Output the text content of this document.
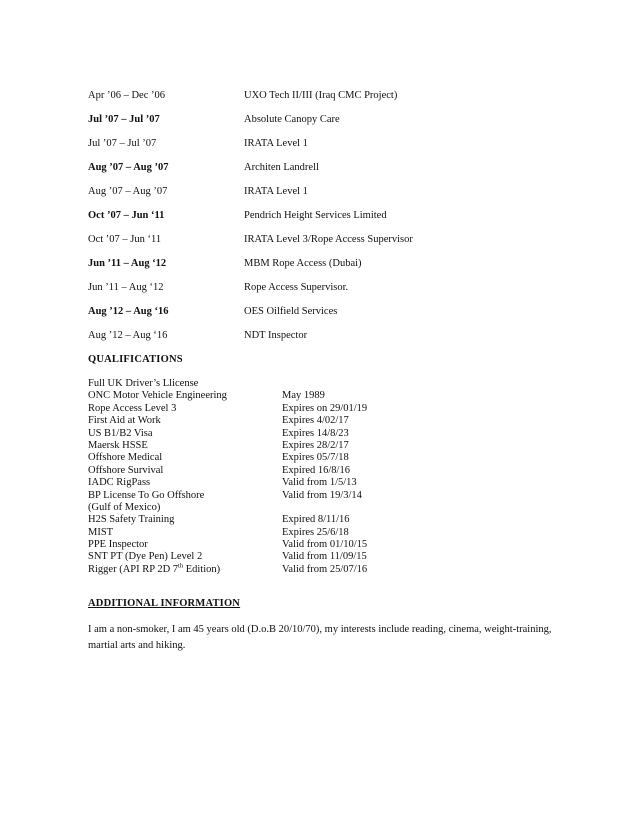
Apr ’06 – Dec ’06	UXO Tech II/III (Iraq CMC Project)
Jul ’07 – Jul ’07	Absolute Canopy Care
Jul ’07 – Jul ’07	IRATA Level 1
Aug ’07 – Aug ’07	Architen Landrell
Aug ’07 – Aug ’07	IRATA Level 1
Oct ’07 – Jun ‘11	Pendrich Height Services Limited
Oct ’07 – Jun ‘11	IRATA Level 3/Rope Access Supervisor
Jun ’11 – Aug ‘12	MBM Rope Access (Dubai)
Jun ’11 – Aug ‘12	Rope Access Supervisor.
Aug ’12 – Aug ‘16	OES Oilfield Services
Aug ’12 – Aug ‘16	NDT Inspector
QUALIFICATIONS
Full UK Driver’s Llicense
ONC Motor Vehicle Engineering	May 1989
Rope Access Level 3	Expires on 29/01/19
First Aid at Work	Expires 4/02/17
US B1/B2 Visa	Expires 14/8/23
Maersk HSSE	Expires 28/2/17
Offshore Medical	Expires 05/7/18
Offshore Survival	Expired 16/8/16
IADC RigPass	Valid from 1/5/13
BP License To Go Offshore	Valid from 19/3/14
(Gulf of Mexico)
H2S Safety Training	Expired 8/11/16
MIST	Expires 25/6/18
PPE Inspector	Valid from 01/10/15
SNT PT (Dye Pen) Level 2	Valid from 11/09/15
Rigger (API RP 2D 7th Edition)	Valid from 25/07/16
ADDITIONAL INFORMATION
I am a non-smoker, I am 45 years old (D.o.B 20/10/70), my interests include reading, cinema, weight-training, martial arts and hiking.
